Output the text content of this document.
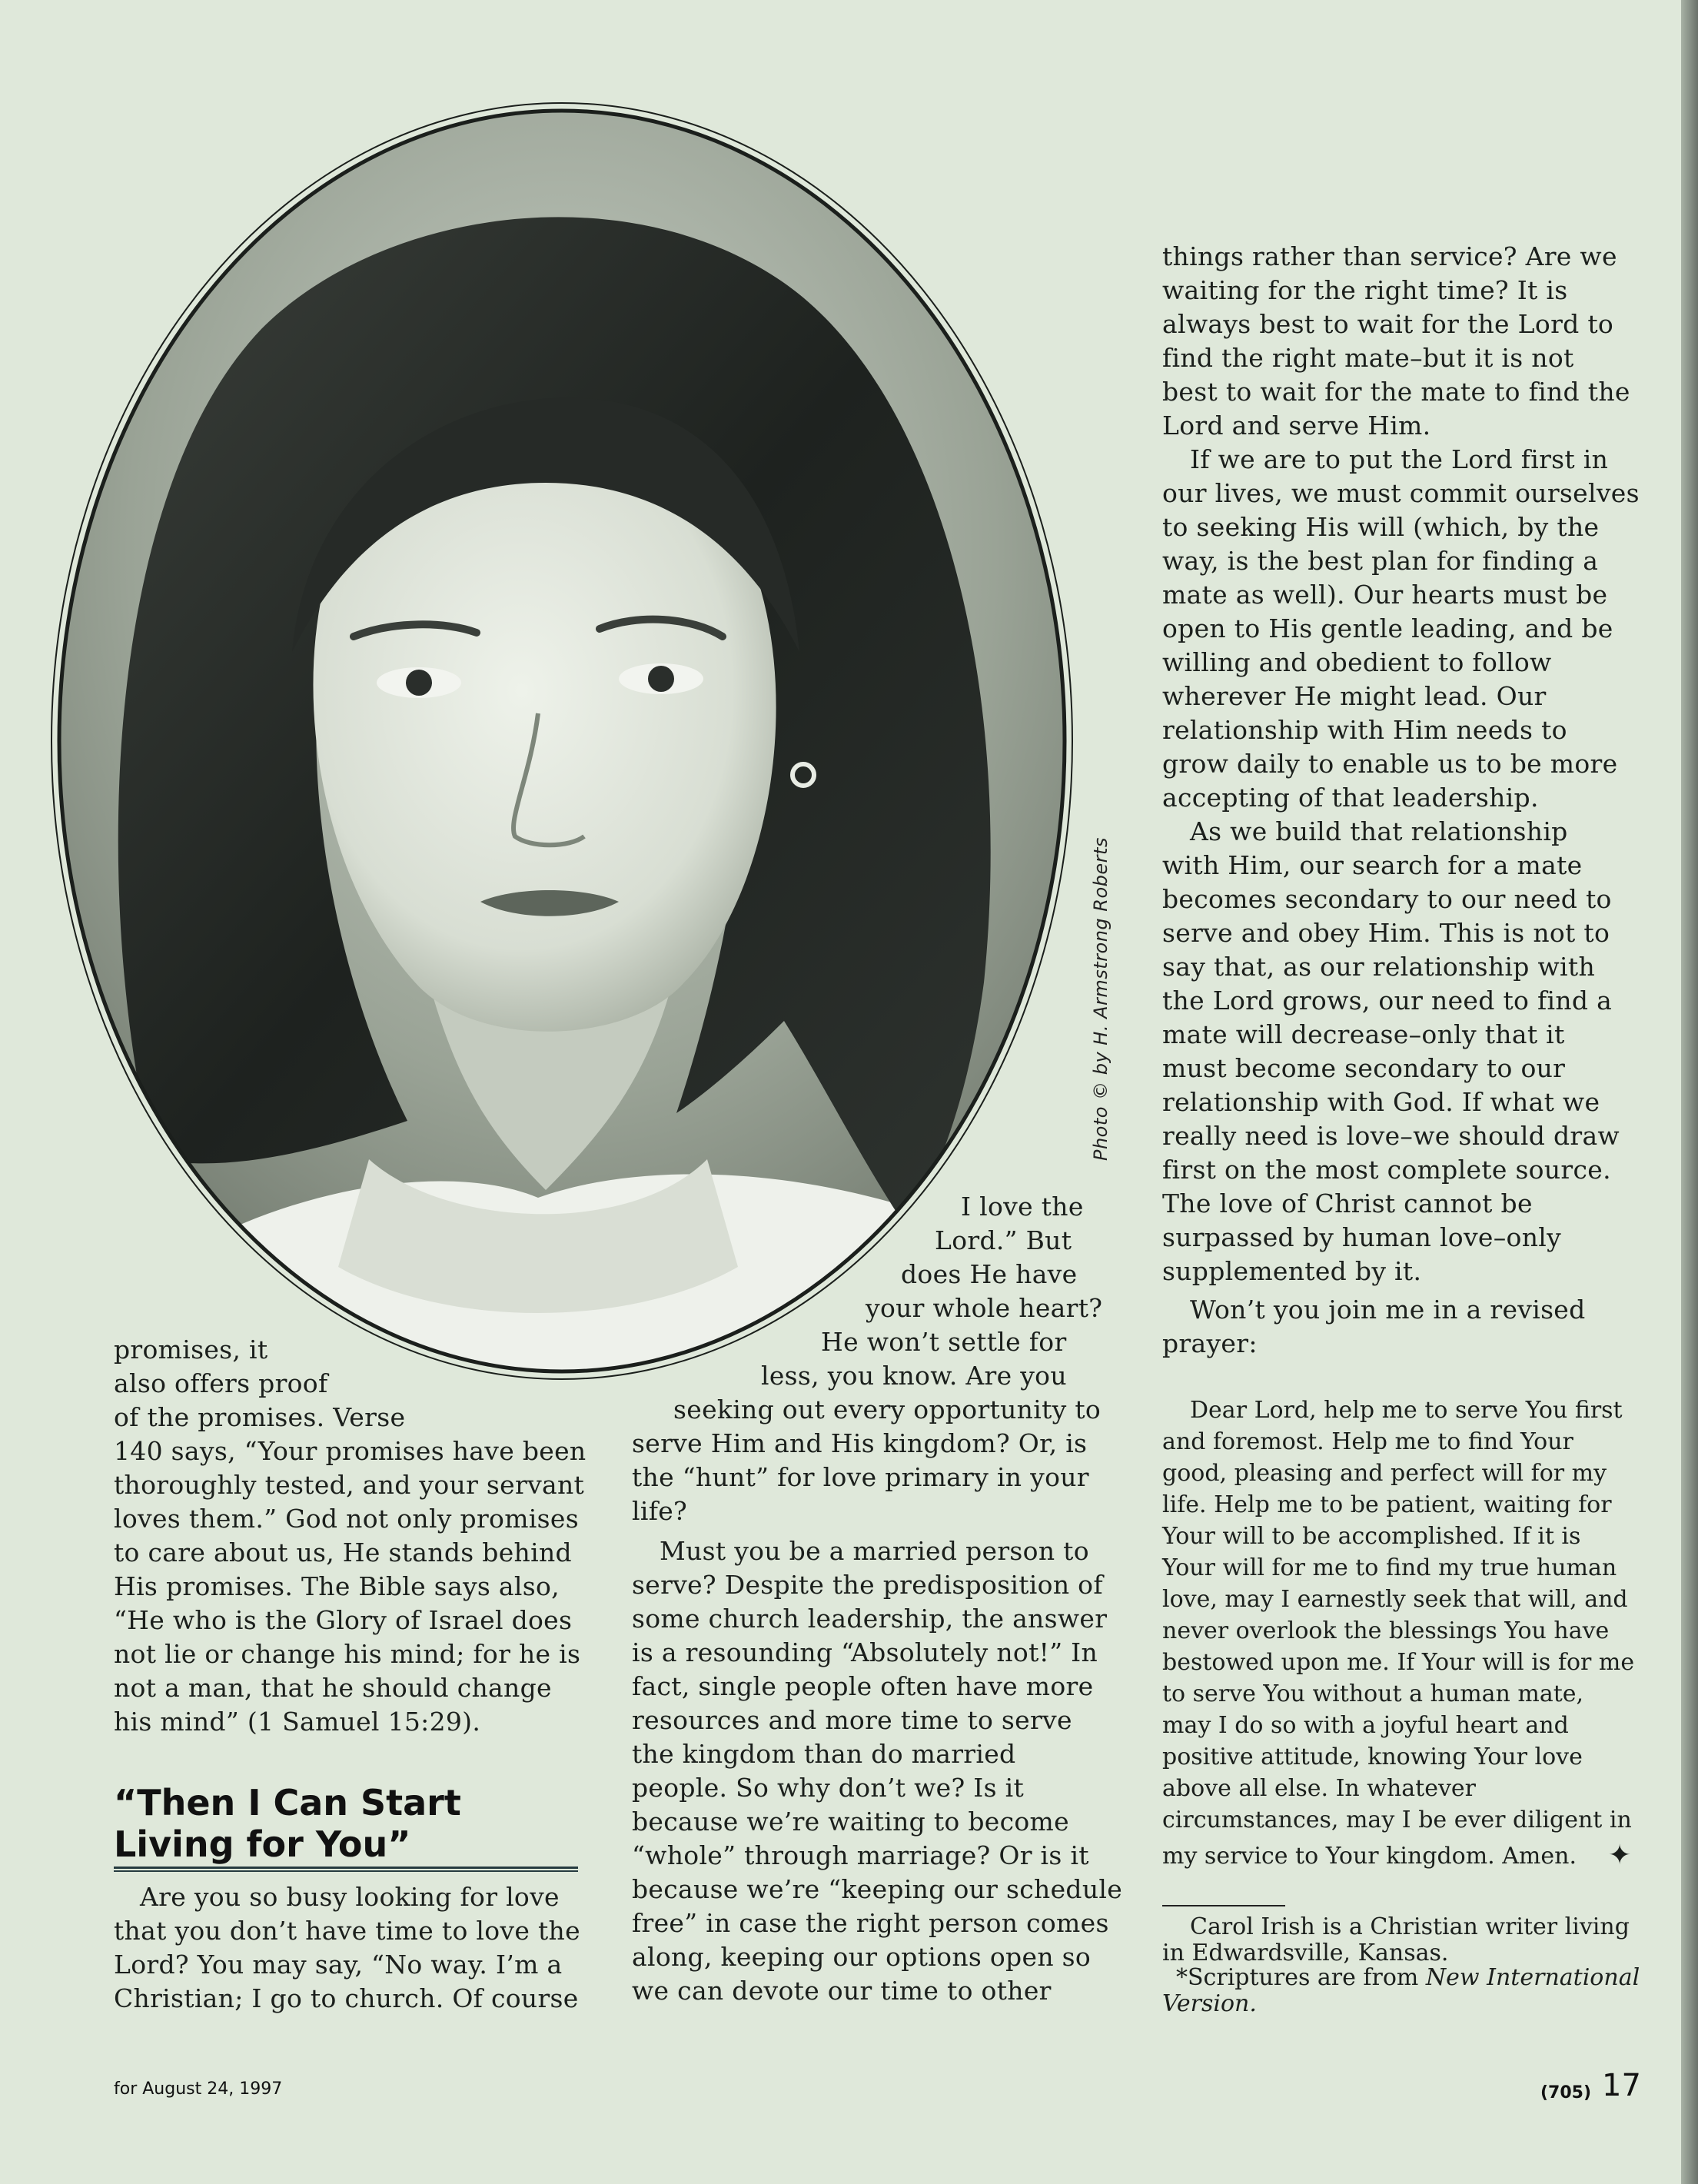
Photo © by H. Armstrong Roberts
promises, it
also offers proof
of the promises. Verse
140 says, “Your promises have been
thoroughly tested, and your servant
loves them.” God not only promises
to care about us, He stands behind
His promises. The Bible says also,
“He who is the Glory of Israel does
not lie or change his mind; for he is
not a man, that he should change
his mind” (1 Samuel 15:29).
“Then I Can Start
Living for You”
Are you so busy looking for love
that you don’t have time to love the
Lord? You may say, “No way. I’m a
Christian; I go to church. Of course
I love the
Lord.” But
does He have
your whole heart?
He won’t settle for
less, you know. Are you
seeking out every opportunity to
serve Him and His kingdom? Or, is
the “hunt” for love primary in your
life?
Must you be a married person to
serve? Despite the predisposition of
some church leadership, the answer
is a resounding “Absolutely not!” In
fact, single people often have more
resources and more time to serve
the kingdom than do married
people. So why don’t we? Is it
because we’re waiting to become
“whole” through marriage? Or is it
because we’re “keeping our schedule
free” in case the right person comes
along, keeping our options open so
we can devote our time to other
things rather than service? Are we
waiting for the right time? It is
always best to wait for the Lord to
find the right mate–but it is not
best to wait for the mate to find the
Lord and serve Him.
If we are to put the Lord first in
our lives, we must commit ourselves
to seeking His will (which, by the
way, is the best plan for finding a
mate as well). Our hearts must be
open to His gentle leading, and be
willing and obedient to follow
wherever He might lead. Our
relationship with Him needs to
grow daily to enable us to be more
accepting of that leadership.
As we build that relationship
with Him, our search for a mate
becomes secondary to our need to
serve and obey Him. This is not to
say that, as our relationship with
the Lord grows, our need to find a
mate will decrease–only that it
must become secondary to our
relationship with God. If what we
really need is love–we should draw
first on the most complete source.
The love of Christ cannot be
surpassed by human love–only
supplemented by it.
Won’t you join me in a revised
prayer:
Dear Lord, help me to serve You first
and foremost. Help me to find Your
good, pleasing and perfect will for my
life. Help me to be patient, waiting for
Your will to be accomplished. If it is
Your will for me to find my true human
love, may I earnestly seek that will, and
never overlook the blessings You have
bestowed upon me. If Your will is for me
to serve You without a human mate,
may I do so with a joyful heart and
positive attitude, knowing Your love
above all else. In whatever
circumstances, may I be ever diligent in
my service to Your kingdom. Amen. ✦
Carol Irish is a Christian writer living
in Edwardsville, Kansas.
*Scriptures are from New International
Version.
for August 24, 1997	(705) 17
